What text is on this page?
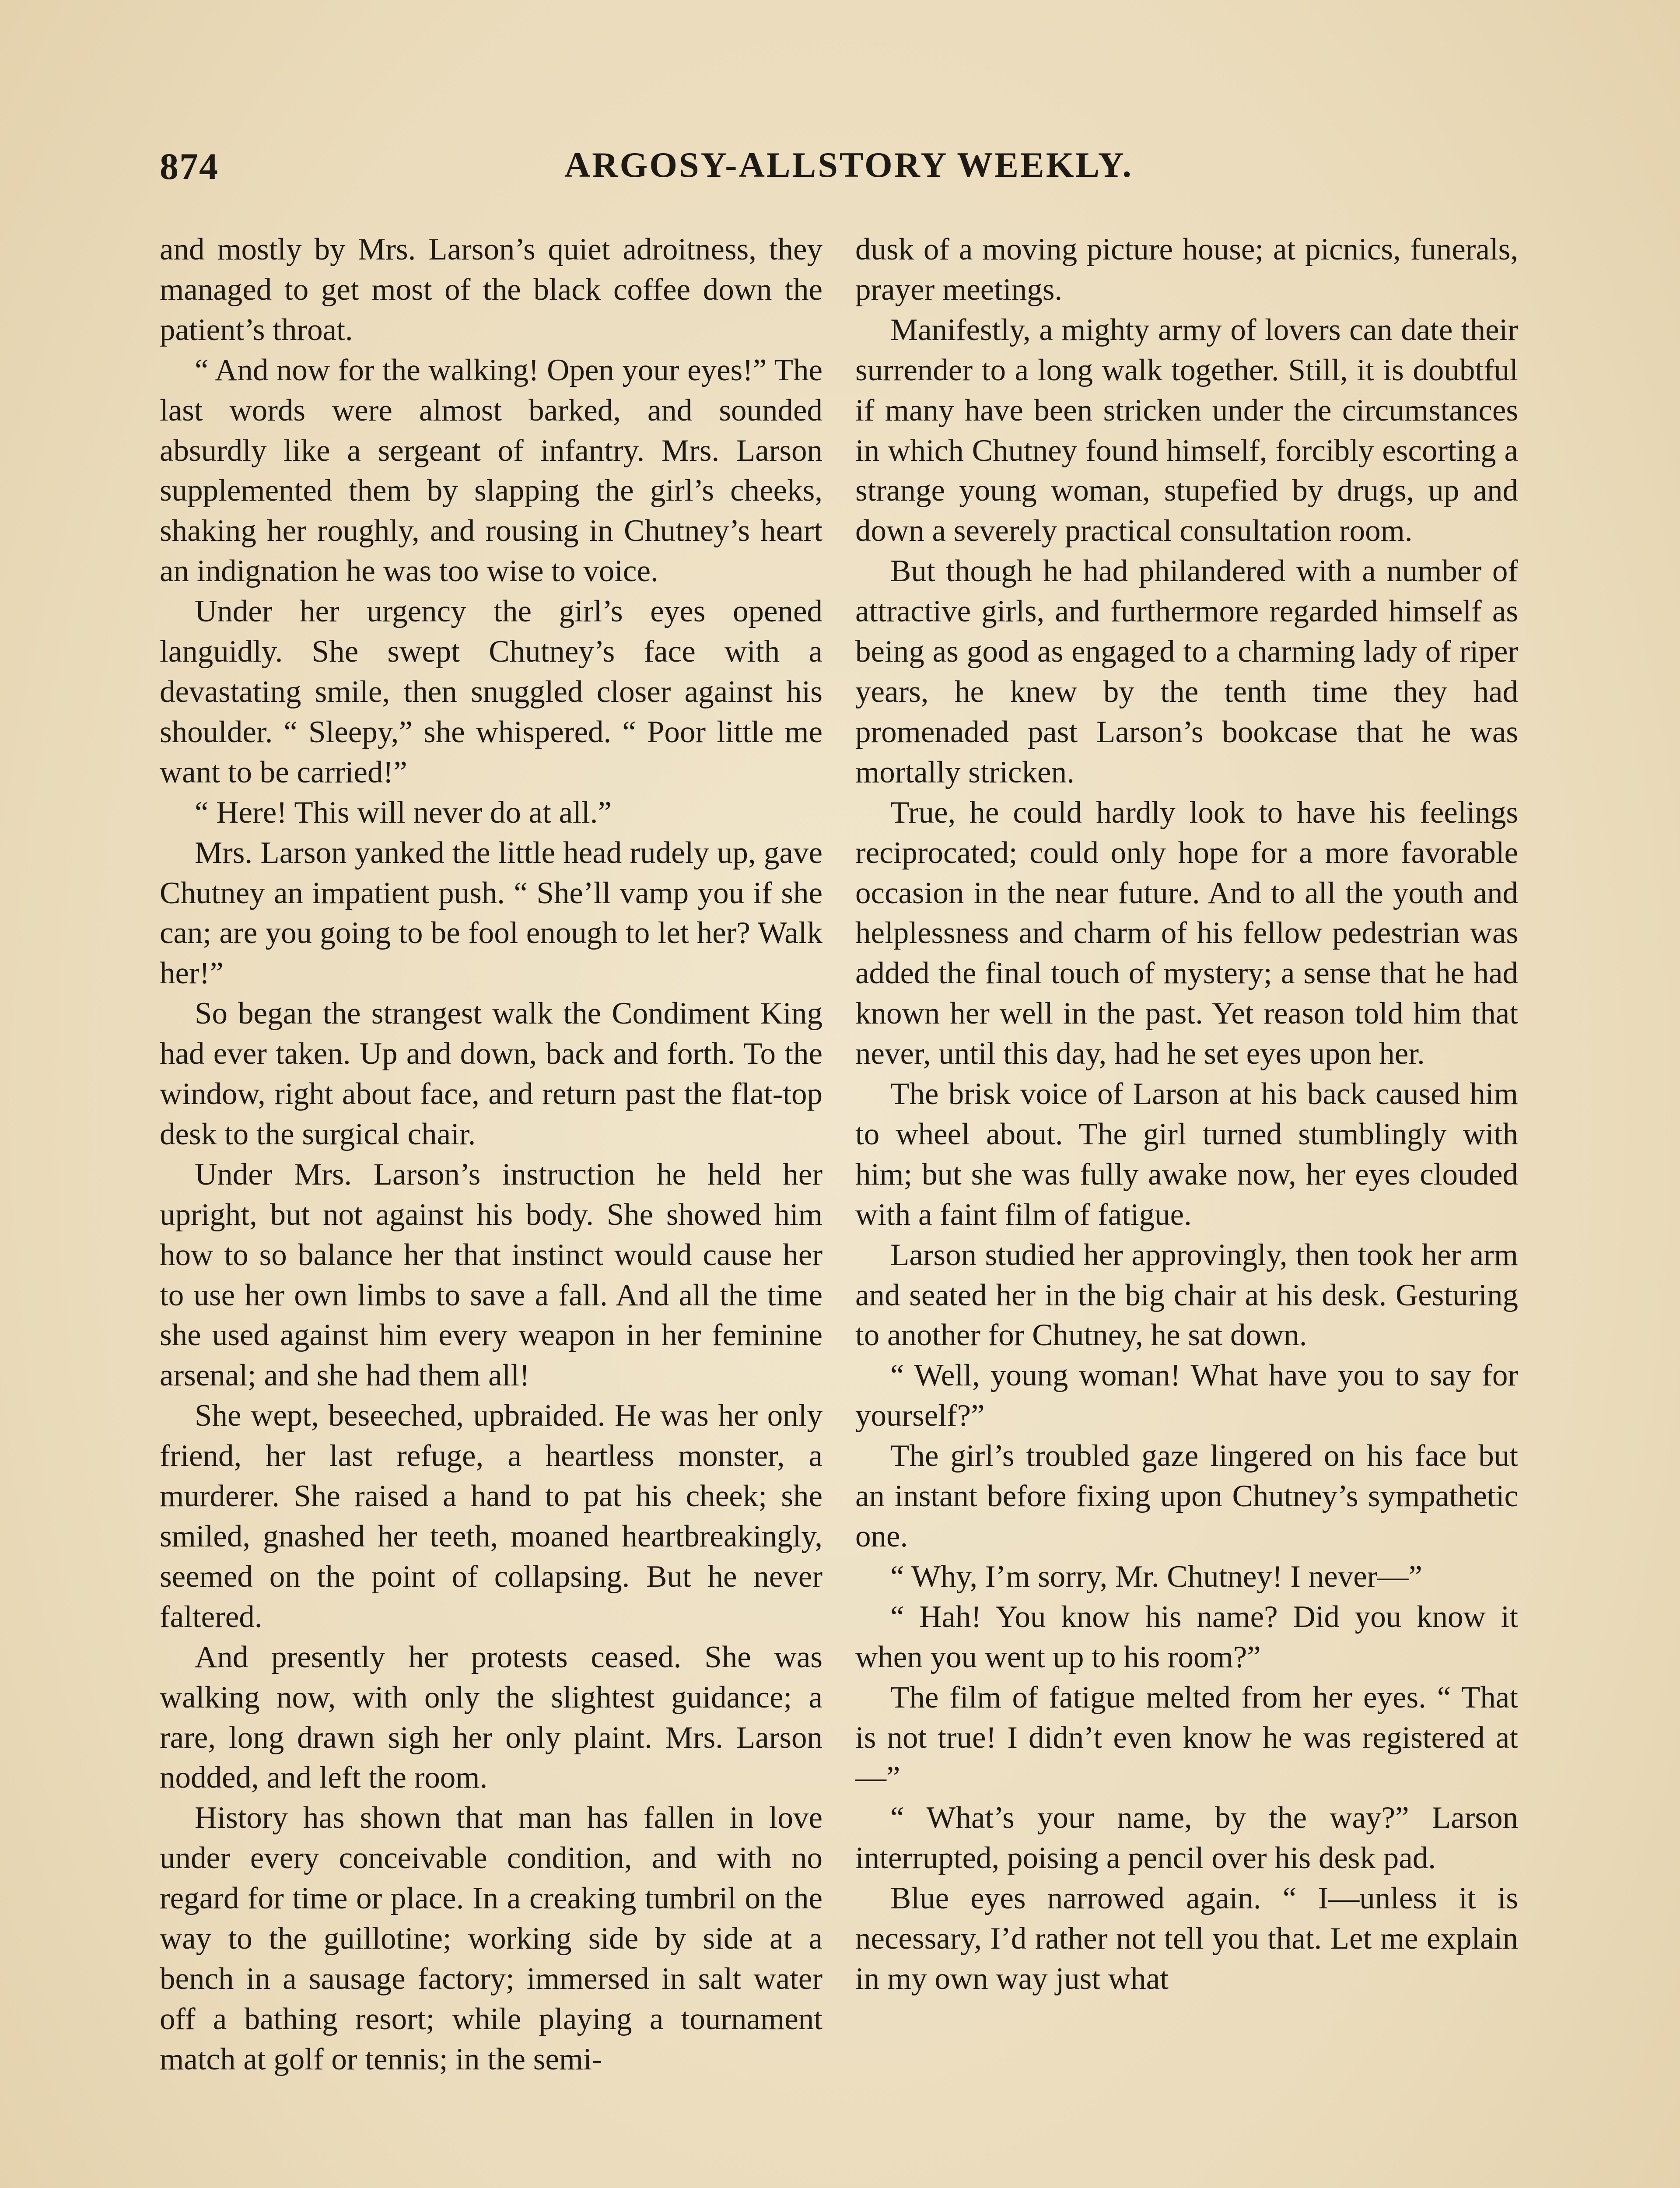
874	ARGOSY-ALLSTORY WEEKLY.

and mostly by Mrs. Larson’s quiet adroitness, they managed to get most of the black coffee down the patient’s throat.

“ And now for the walking! Open your eyes!” The last words were almost barked, and sounded absurdly like a sergeant of infantry. Mrs. Larson supplemented them by slapping the girl’s cheeks, shaking her roughly, and rousing in Chutney’s heart an indignation he was too wise to voice.

Under her urgency the girl’s eyes opened languidly. She swept Chutney’s face with a devastating smile, then snuggled closer against his shoulder. “ Sleepy,” she whispered. “ Poor little me want to be carried!”

“ Here! This will never do at all.”

Mrs. Larson yanked the little head rudely up, gave Chutney an impatient push. “ She’ll vamp you if she can; are you going to be fool enough to let her? Walk her!”

So began the strangest walk the Condiment King had ever taken. Up and down, back and forth. To the window, right about face, and return past the flat-top desk to the surgical chair.

Under Mrs. Larson’s instruction he held her upright, but not against his body. She showed him how to so balance her that instinct would cause her to use her own limbs to save a fall. And all the time she used against him every weapon in her feminine arsenal; and she had them all!

She wept, beseeched, upbraided. He was her only friend, her last refuge, a heartless monster, a murderer. She raised a hand to pat his cheek; she smiled, gnashed her teeth, moaned heartbreakingly, seemed on the point of collapsing. But he never faltered.

And presently her protests ceased. She was walking now, with only the slightest guidance; a rare, long drawn sigh her only plaint. Mrs. Larson nodded, and left the room.

History has shown that man has fallen in love under every conceivable condition, and with no regard for time or place. In a creaking tumbril on the way to the guillotine; working side by side at a bench in a sausage factory; immersed in salt water off a bathing resort; while playing a tournament match at golf or tennis; in the semi-

dusk of a moving picture house; at picnics, funerals, prayer meetings.

Manifestly, a mighty army of lovers can date their surrender to a long walk together. Still, it is doubtful if many have been stricken under the circumstances in which Chutney found himself, forcibly escorting a strange young woman, stupefied by drugs, up and down a severely practical consultation room.

But though he had philandered with a number of attractive girls, and furthermore regarded himself as being as good as engaged to a charming lady of riper years, he knew by the tenth time they had promenaded past Larson’s bookcase that he was mortally stricken.

True, he could hardly look to have his feelings reciprocated; could only hope for a more favorable occasion in the near future. And to all the youth and helplessness and charm of his fellow pedestrian was added the final touch of mystery; a sense that he had known her well in the past. Yet reason told him that never, until this day, had he set eyes upon her.

The brisk voice of Larson at his back caused him to wheel about. The girl turned stumblingly with him; but she was fully awake now, her eyes clouded with a faint film of fatigue.

Larson studied her approvingly, then took her arm and seated her in the big chair at his desk. Gesturing to another for Chutney, he sat down.

“ Well, young woman! What have you to say for yourself?”

The girl’s troubled gaze lingered on his face but an instant before fixing upon Chutney’s sympathetic one.

“ Why, I’m sorry, Mr. Chutney! I never—”

“ Hah! You know his name? Did you know it when you went up to his room?”

The film of fatigue melted from her eyes. “ That is not true! I didn’t even know he was registered at—”

“ What’s your name, by the way?” Larson interrupted, poising a pencil over his desk pad.

Blue eyes narrowed again. “ I—unless it is necessary, I’d rather not tell you that. Let me explain in my own way just what
